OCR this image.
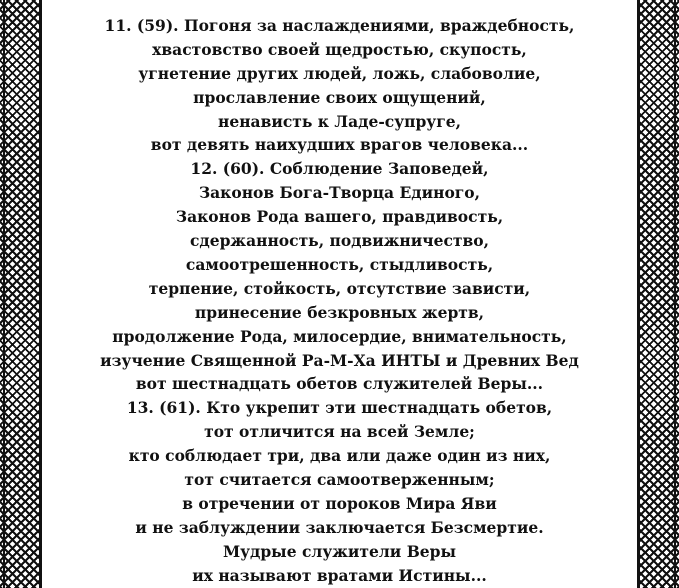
11. (59). Погоня за наслаждениями, враждебность,
хвастовство своей щедростью, скупость,
угнетение других людей, ложь, слабоволие,
прославление своих ощущений,
ненависть к Ладе-супруге,
вот девять наихудших врагов человека...
12. (60). Соблюдение Заповедей,
Законов Бога-Творца Единого,
Законов Рода вашего, правдивость,
сдержанность, подвижничество,
самоотрешенность, стыдливость,
терпение, стойкость, отсутствие зависти,
принесение безкровных жертв,
продолжение Рода, милосердие, внимательность,
изучение Священной Ра-М-Ха ИНТЫ и Древних Вед
вот шестнадцать обетов служителей Веры...
13. (61). Кто укрепит эти шестнадцать обетов,
тот отличится на всей Земле;
кто соблюдает три, два или даже один из них,
тот считается самоотверженным;
в отречении от пороков Мира Яви
и не заблуждении заключается Безсмертие.
Мудрые служители Веры
их называют вратами Истины...
